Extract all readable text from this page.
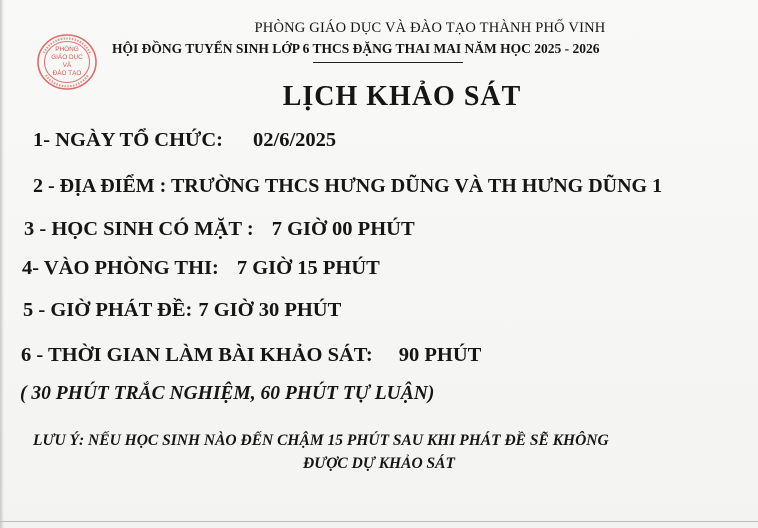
PHÒNG
GIÁO DỤC
VÀ
ĐÀO TẠO
PHÒNG GIÁO DỤC VÀ ĐÀO TẠO THÀNH PHỐ VINH
HỘI ĐỒNG TUYỂN SINH LỚP 6 THCS ĐẶNG THAI MAI NĂM HỌC 2025 - 2026
LỊCH KHẢO SÁT
1- NGÀY TỔ CHỨC: 02/6/2025
2 - ĐỊA ĐIỂM : TRƯỜNG THCS HƯNG DŨNG VÀ TH HƯNG DŨNG 1
3 - HỌC SINH CÓ MẶT : 7 GIỜ 00 PHÚT
4- VÀO PHÒNG THI: 7 GIỜ 15 PHÚT
5 - GIỜ PHÁT ĐỀ: 7 GIỜ 30 PHÚT
6 - THỜI GIAN LÀM BÀI KHẢO SÁT: 90 PHÚT
( 30 PHÚT TRẮC NGHIỆM, 60 PHÚT TỰ LUẬN)
LƯU Ý: NẾU HỌC SINH NÀO ĐẾN CHẬM 15 PHÚT SAU KHI PHÁT ĐỀ SẼ KHÔNG
ĐƯỢC DỰ KHẢO SÁT
